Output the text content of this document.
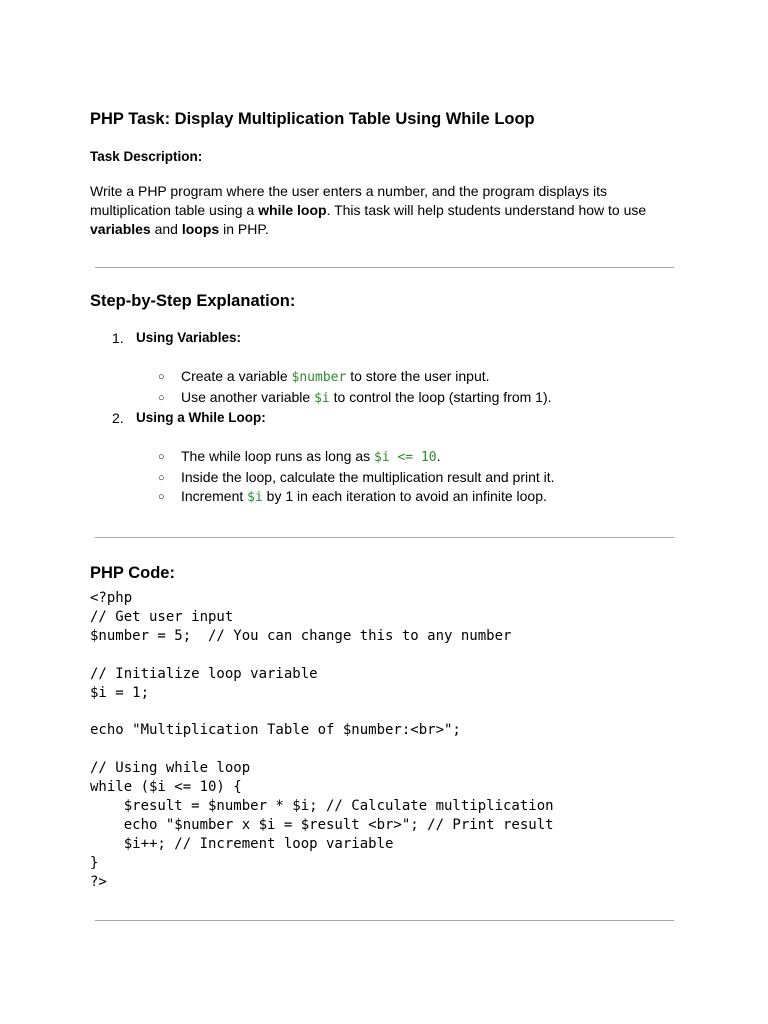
PHP Task: Display Multiplication Table Using While Loop
Task Description:
Write a PHP program where the user enters a number, and the program displays its
multiplication table using a while loop. This task will help students understand how to use
variables and loops in PHP.
Step-by-Step Explanation:
1. Using Variables:
○ Create a variable $number to store the user input.
○ Use another variable $i to control the loop (starting from 1).
2. Using a While Loop:
○ The while loop runs as long as $i <= 10.
○ Inside the loop, calculate the multiplication result and print it.
○ Increment $i by 1 in each iteration to avoid an infinite loop.
PHP Code:
<?php
// Get user input
$number = 5;  // You can change this to any number

// Initialize loop variable
$i = 1;

echo "Multiplication Table of $number:<br>";

// Using while loop
while ($i <= 10) {
$result = $number * $i; // Calculate multiplication
echo "$number x $i = $result <br>"; // Print result
$i++; // Increment loop variable
}
?>
